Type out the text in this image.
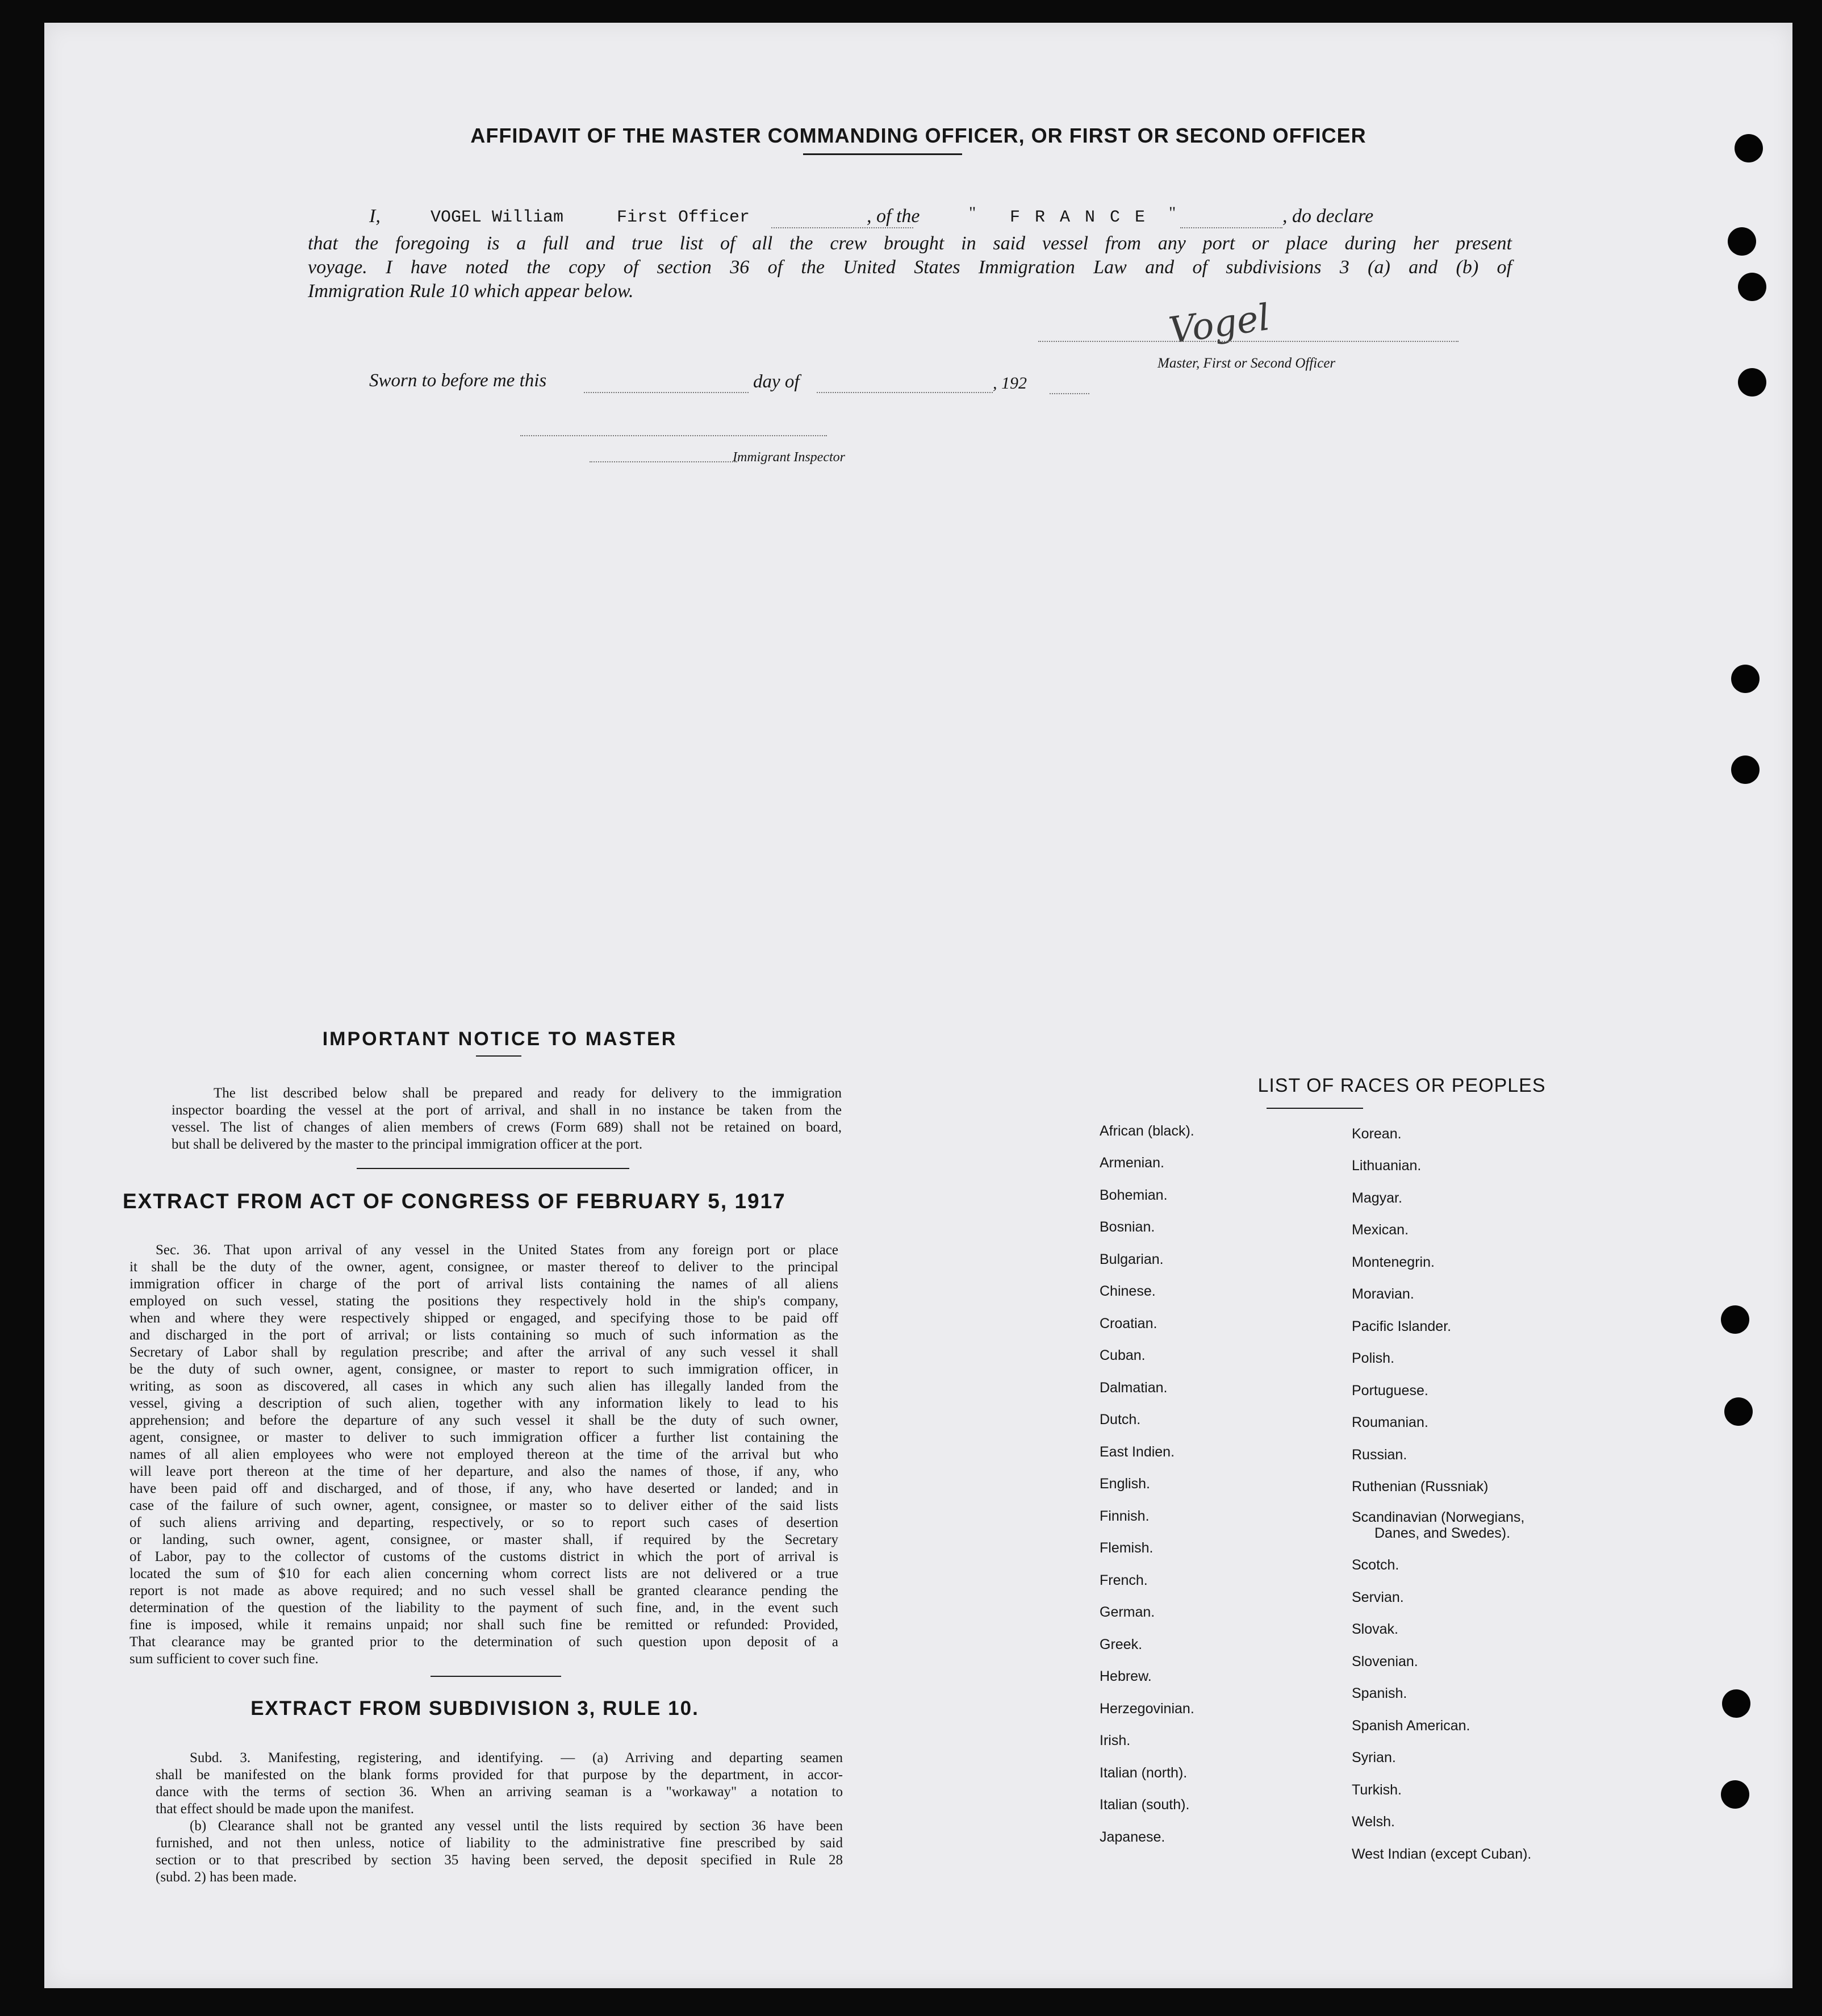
AFFIDAVIT OF THE MASTER COMMANDING OFFICER, OR FIRST OR SECOND OFFICER
I,	VOGEL William	First Officer	, of the	" F R A N C E "	, do declare
that the foregoing is a full and true list of all the crew brought in said vessel from any port or place during her present
voyage. I have noted the copy of section 36 of the United States Immigration Law and of subdivisions 3 (a) and (b) of
Immigration Rule 10 which appear below.
Vogel
Master, First or Second Officer
Sworn to before me this	day of	, 192
Immigrant Inspector
IMPORTANT NOTICE TO MASTER
The list described below shall be prepared and ready for delivery to the immigration
inspector boarding the vessel at the port of arrival, and shall in no instance be taken from the
vessel. The list of changes of alien members of crews (Form 689) shall not be retained on board,
but shall be delivered by the master to the principal immigration officer at the port.
EXTRACT FROM ACT OF CONGRESS OF FEBRUARY 5, 1917
Sec. 36. That upon arrival of any vessel in the United States from any foreign port or place
it shall be the duty of the owner, agent, consignee, or master thereof to deliver to the principal
immigration officer in charge of the port of arrival lists containing the names of all aliens
employed on such vessel, stating the positions they respectively hold in the ship's company,
when and where they were respectively shipped or engaged, and specifying those to be paid off
and discharged in the port of arrival; or lists containing so much of such information as the
Secretary of Labor shall by regulation prescribe; and after the arrival of any such vessel it shall
be the duty of such owner, agent, consignee, or master to report to such immigration officer, in
writing, as soon as discovered, all cases in which any such alien has illegally landed from the
vessel, giving a description of such alien, together with any information likely to lead to his
apprehension; and before the departure of any such vessel it shall be the duty of such owner,
agent, consignee, or master to deliver to such immigration officer a further list containing the
names of all alien employees who were not employed thereon at the time of the arrival but who
will leave port thereon at the time of her departure, and also the names of those, if any, who
have been paid off and discharged, and of those, if any, who have deserted or landed; and in
case of the failure of such owner, agent, consignee, or master so to deliver either of the said lists
of such aliens arriving and departing, respectively, or so to report such cases of desertion
or landing, such owner, agent, consignee, or master shall, if required by the Secretary
of Labor, pay to the collector of customs of the customs district in which the port of arrival is
located the sum of $10 for each alien concerning whom correct lists are not delivered or a true
report is not made as above required; and no such vessel shall be granted clearance pending the
determination of the question of the liability to the payment of such fine, and, in the event such
fine is imposed, while it remains unpaid; nor shall such fine be remitted or refunded: Provided,
That clearance may be granted prior to the determination of such question upon deposit of a
sum sufficient to cover such fine.
EXTRACT FROM SUBDIVISION 3, RULE 10.
Subd. 3. Manifesting, registering, and identifying. — (a) Arriving and departing seamen
shall be manifested on the blank forms provided for that purpose by the department, in accor-
dance with the terms of section 36. When an arriving seaman is a "workaway" a notation to
that effect should be made upon the manifest.
(b) Clearance shall not be granted any vessel until the lists required by section 36 have been
furnished, and not then unless, notice of liability to the administrative fine prescribed by said
section or to that prescribed by section 35 having been served, the deposit specified in Rule 28
(subd. 2) has been made.
LIST OF RACES OR PEOPLES
African (black).
Armenian.
Bohemian.
Bosnian.
Bulgarian.
Chinese.
Croatian.
Cuban.
Dalmatian.
Dutch.
East Indien.
English.
Finnish.
Flemish.
French.
German.
Greek.
Hebrew.
Herzegovinian.
Irish.
Italian (north).
Italian (south).
Japanese.
Korean.
Lithuanian.
Magyar.
Mexican.
Montenegrin.
Moravian.
Pacific Islander.
Polish.
Portuguese.
Roumanian.
Russian.
Ruthenian (Russniak)
Scandinavian (Norwegians,
Danes, and Swedes).
Scotch.
Servian.
Slovak.
Slovenian.
Spanish.
Spanish American.
Syrian.
Turkish.
Welsh.
West Indian (except Cuban).
